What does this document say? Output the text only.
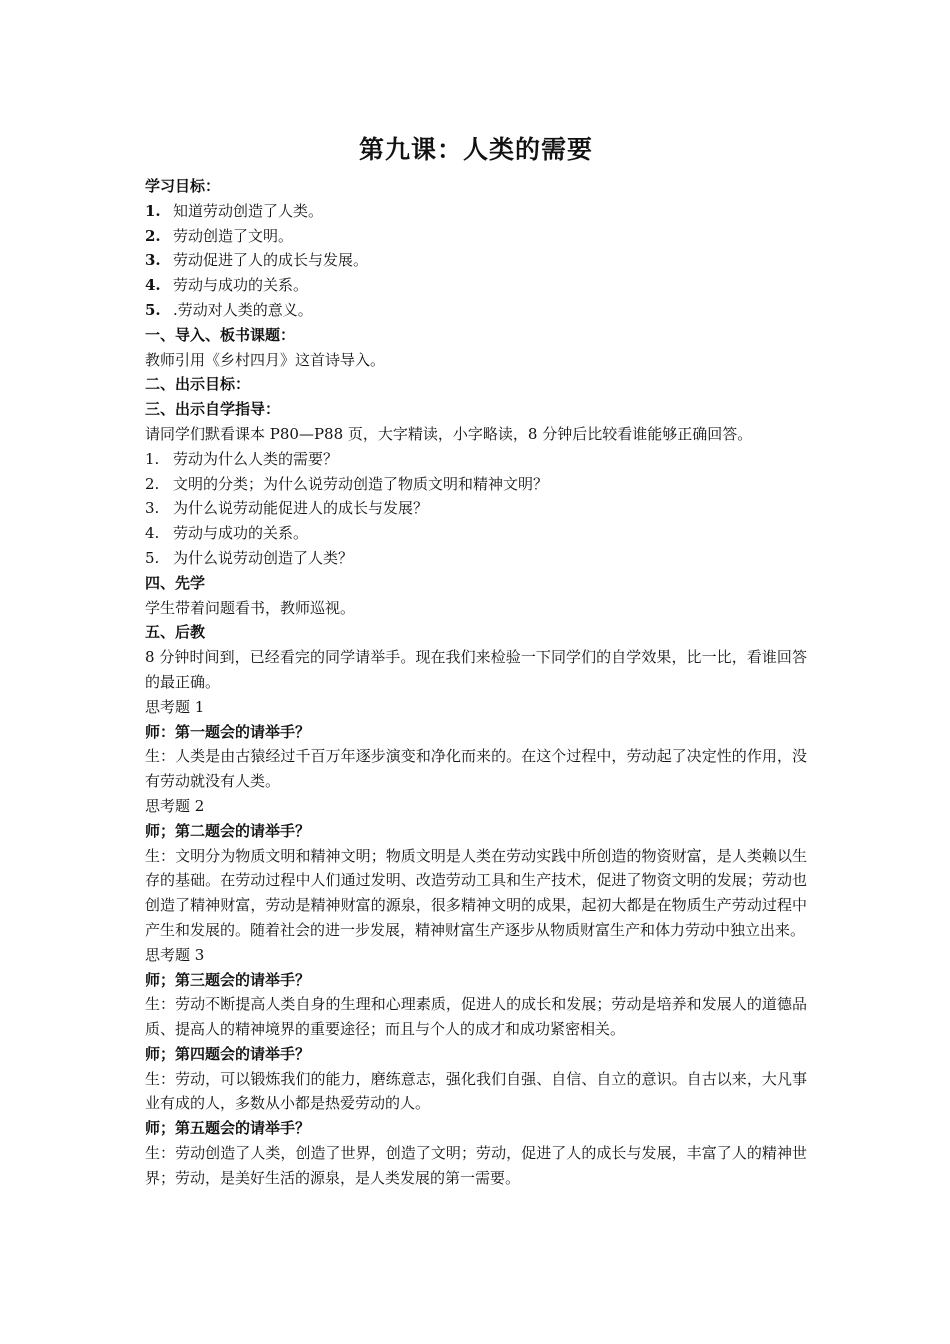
第九课：人类的需要

学习目标：

1. 知道劳动创造了人类。

2. 劳动创造了文明。

3. 劳动促进了人的成长与发展。

4. 劳动与成功的关系。

5. .劳动对人类的意义。

一、导入、板书课题：

教师引用《乡村四月》这首诗导入。

二、出示目标：

三、出示自学指导：

请同学们默看课本 P80—P88 页，大字精读，小字略读，8 分钟后比较看谁能够正确回答。

1. 劳动为什么人类的需要？

2. 文明的分类；为什么说劳动创造了物质文明和精神文明？

3. 为什么说劳动能促进人的成长与发展？

4. 劳动与成功的关系。

5. 为什么说劳动创造了人类？

四、先学

学生带着问题看书，教师巡视。

五、后教

8 分钟时间到，已经看完的同学请举手。现在我们来检验一下同学们的自学效果，比一比，看谁回答的最正确。

思考题 1

师：第一题会的请举手？

生：人类是由古猿经过千百万年逐步演变和净化而来的。在这个过程中，劳动起了决定性的作用，没有劳动就没有人类。

思考题 2

师；第二题会的请举手？

生：文明分为物质文明和精神文明；物质文明是人类在劳动实践中所创造的物资财富，是人类赖以生存的基础。在劳动过程中人们通过发明、改造劳动工具和生产技术，促进了物资文明的发展；劳动也创造了精神财富，劳动是精神财富的源泉，很多精神文明的成果，起初大都是在物质生产劳动过程中产生和发展的。随着社会的进一步发展，精神财富生产逐步从物质财富生产和体力劳动中独立出来。

思考题 3

师；第三题会的请举手？

生：劳动不断提高人类自身的生理和心理素质，促进人的成长和发展；劳动是培养和发展人的道德品质、提高人的精神境界的重要途径；而且与个人的成才和成功紧密相关。

师；第四题会的请举手？

生：劳动，可以锻炼我们的能力，磨练意志，强化我们自强、自信、自立的意识。自古以来，大凡事业有成的人，多数从小都是热爱劳动的人。

师；第五题会的请举手？

生：劳动创造了人类，创造了世界，创造了文明；劳动，促进了人的成长与发展，丰富了人的精神世界；劳动，是美好生活的源泉，是人类发展的第一需要。
